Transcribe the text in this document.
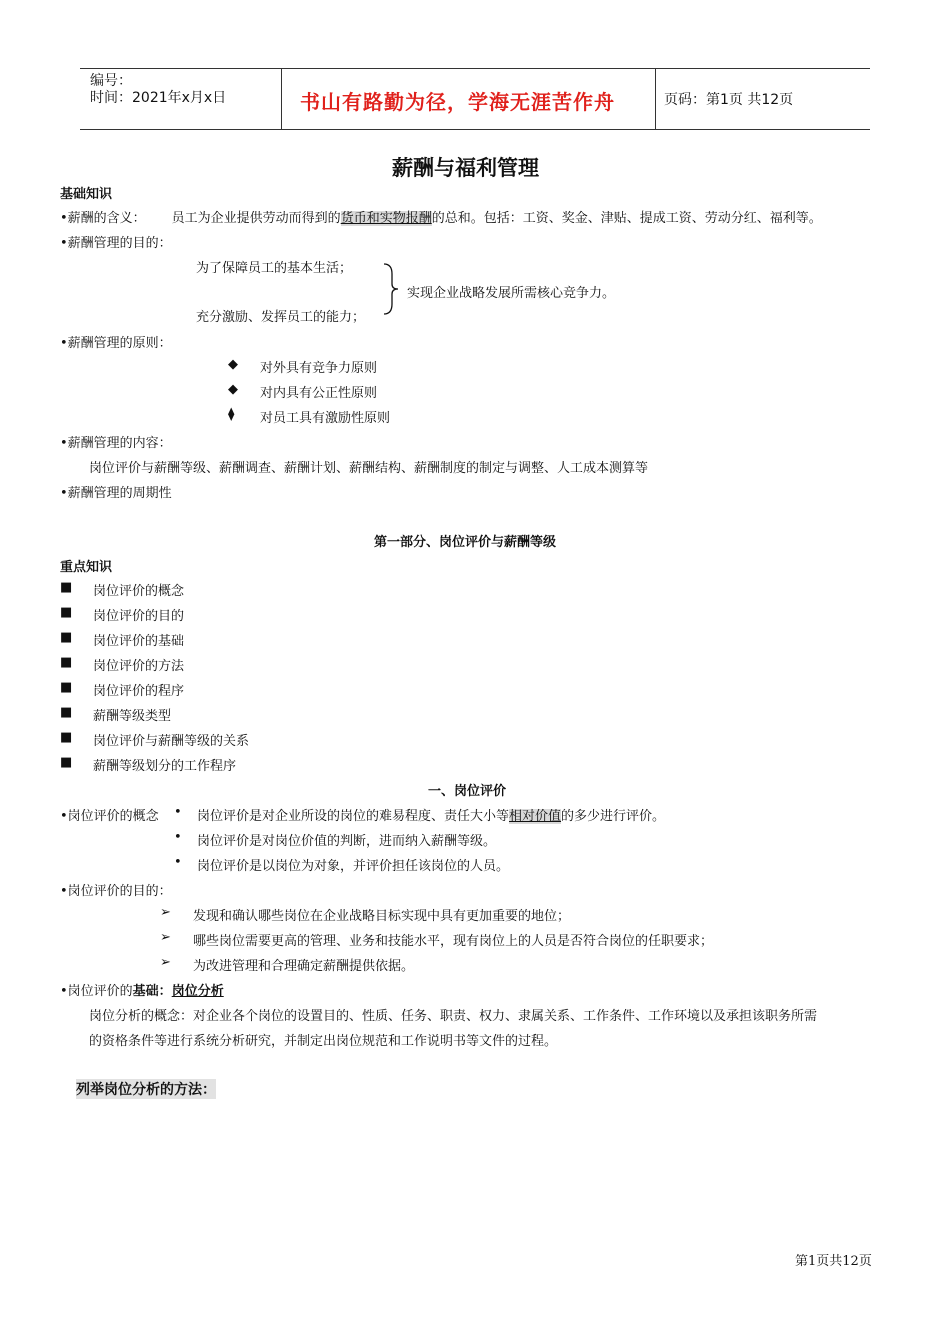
编号：
时间：2021年x月x日	书山有路勤为径，学海无涯苦作舟	页码：第1页 共12页
薪酬与福利管理
基础知识
•薪酬的含义： 员工为企业提供劳动而得到的货币和实物报酬的总和。包括：工资、奖金、津贴、提成工资、劳动分红、福利等。
•薪酬管理的目的：
为了保障员工的基本生活；
充分激励、发挥员工的能力；
实现企业战略发展所需核心竞争力。
•薪酬管理的原则：
◆ 对外具有竞争力原则
◆ 对内具有公正性原则
⧫ 对员工具有激励性原则
•薪酬管理的内容：
岗位评价与薪酬等级、薪酬调查、薪酬计划、薪酬结构、薪酬制度的制定与调整、人工成本测算等
•薪酬管理的周期性
第一部分、岗位评价与薪酬等级
重点知识
■ 岗位评价的概念
■ 岗位评价的目的
■ 岗位评价的基础
■ 岗位评价的方法
■ 岗位评价的程序
■ 薪酬等级类型
■ 岗位评价与薪酬等级的关系
■ 薪酬等级划分的工作程序
一、岗位评价
•岗位评价的概念 • 岗位评价是对企业所设的岗位的难易程度、责任大小等相对价值的多少进行评价。
• 岗位评价是对岗位价值的判断，进而纳入薪酬等级。
• 岗位评价是以岗位为对象，并评价担任该岗位的人员。
•岗位评价的目的：
➢ 发现和确认哪些岗位在企业战略目标实现中具有更加重要的地位；
➢ 哪些岗位需要更高的管理、业务和技能水平，现有岗位上的人员是否符合岗位的任职要求；
➢ 为改进管理和合理确定薪酬提供依据。
•岗位评价的基础：岗位分析
岗位分析的概念：对企业各个岗位的设置目的、性质、任务、职责、权力、隶属关系、工作条件、工作环境以及承担该职务所需
的资格条件等进行系统分析研究，并制定出岗位规范和工作说明书等文件的过程。
列举岗位分析的方法：
第1页共12页
